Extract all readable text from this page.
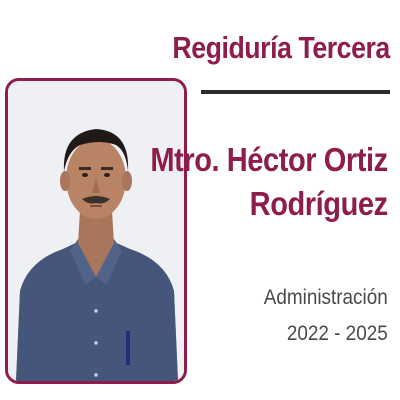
Regiduría Tercera
Mtro. Héctor Ortiz
Rodríguez
Administración
2022 - 2025
